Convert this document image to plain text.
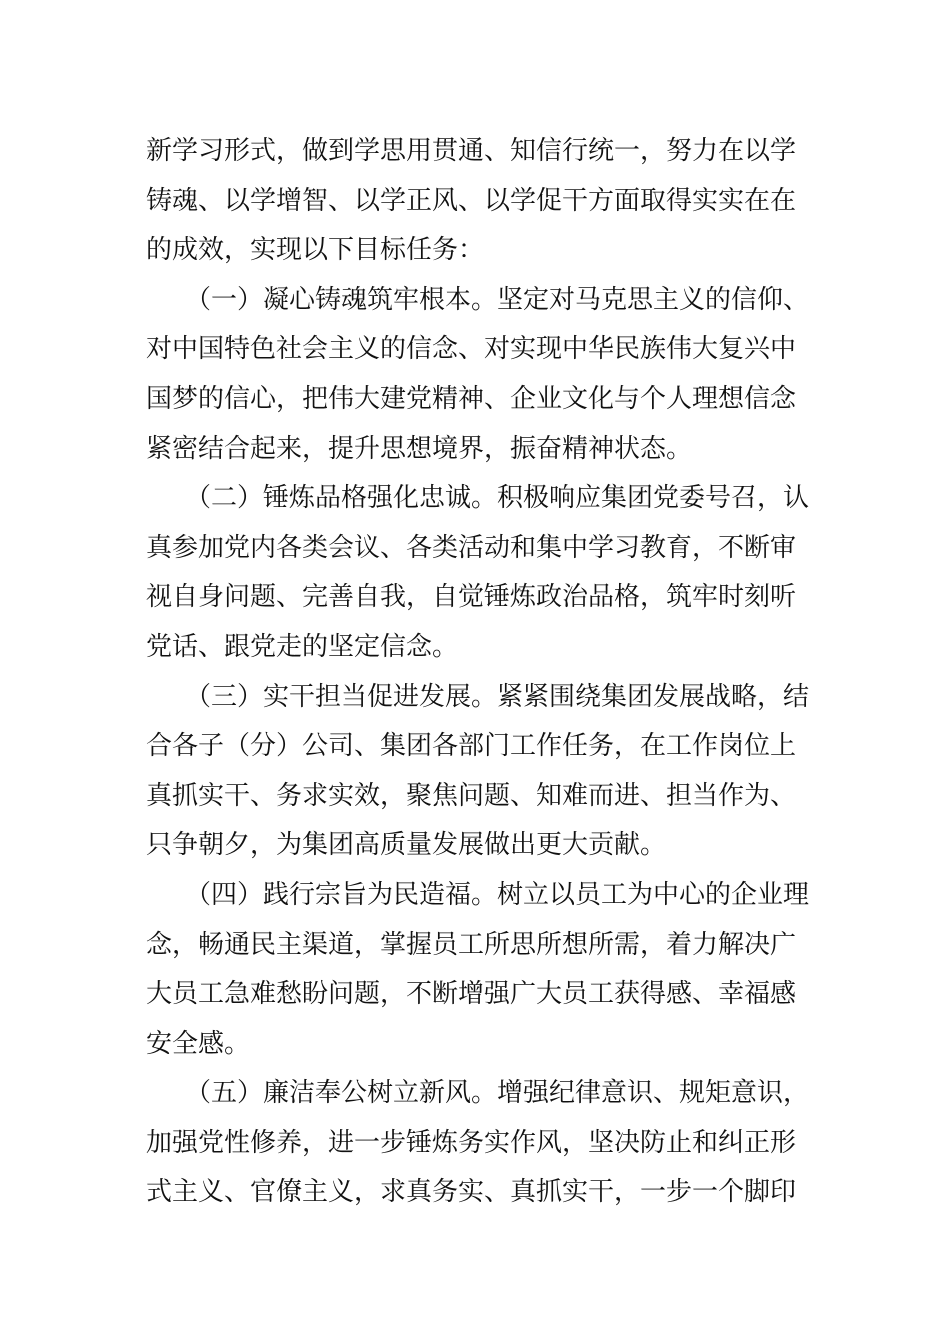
新学习形式，做到学思用贯通、知信行统一，努力在以学
铸魂、以学增智、以学正风、以学促干方面取得实实在在
的成效，实现以下目标任务：
　　（一）凝心铸魂筑牢根本。坚定对马克思主义的信仰、
对中国特色社会主义的信念、对实现中华民族伟大复兴中
国梦的信心，把伟大建党精神、企业文化与个人理想信念
紧密结合起来，提升思想境界，振奋精神状态。
　　（二）锤炼品格强化忠诚。积极响应集团党委号召，认
真参加党内各类会议、各类活动和集中学习教育，不断审
视自身问题、完善自我，自觉锤炼政治品格，筑牢时刻听
党话、跟党走的坚定信念。
　　（三）实干担当促进发展。紧紧围绕集团发展战略，结
合各子（分）公司、集团各部门工作任务，在工作岗位上
真抓实干、务求实效，聚焦问题、知难而进、担当作为、
只争朝夕，为集团高质量发展做出更大贡献。
　　（四）践行宗旨为民造福。树立以员工为中心的企业理
念，畅通民主渠道，掌握员工所思所想所需，着力解决广
大员工急难愁盼问题，不断增强广大员工获得感、幸福感
安全感。
　　（五）廉洁奉公树立新风。增强纪律意识、规矩意识，
加强党性修养，进一步锤炼务实作风，坚决防止和纠正形
式主义、官僚主义，求真务实、真抓实干，一步一个脚印
